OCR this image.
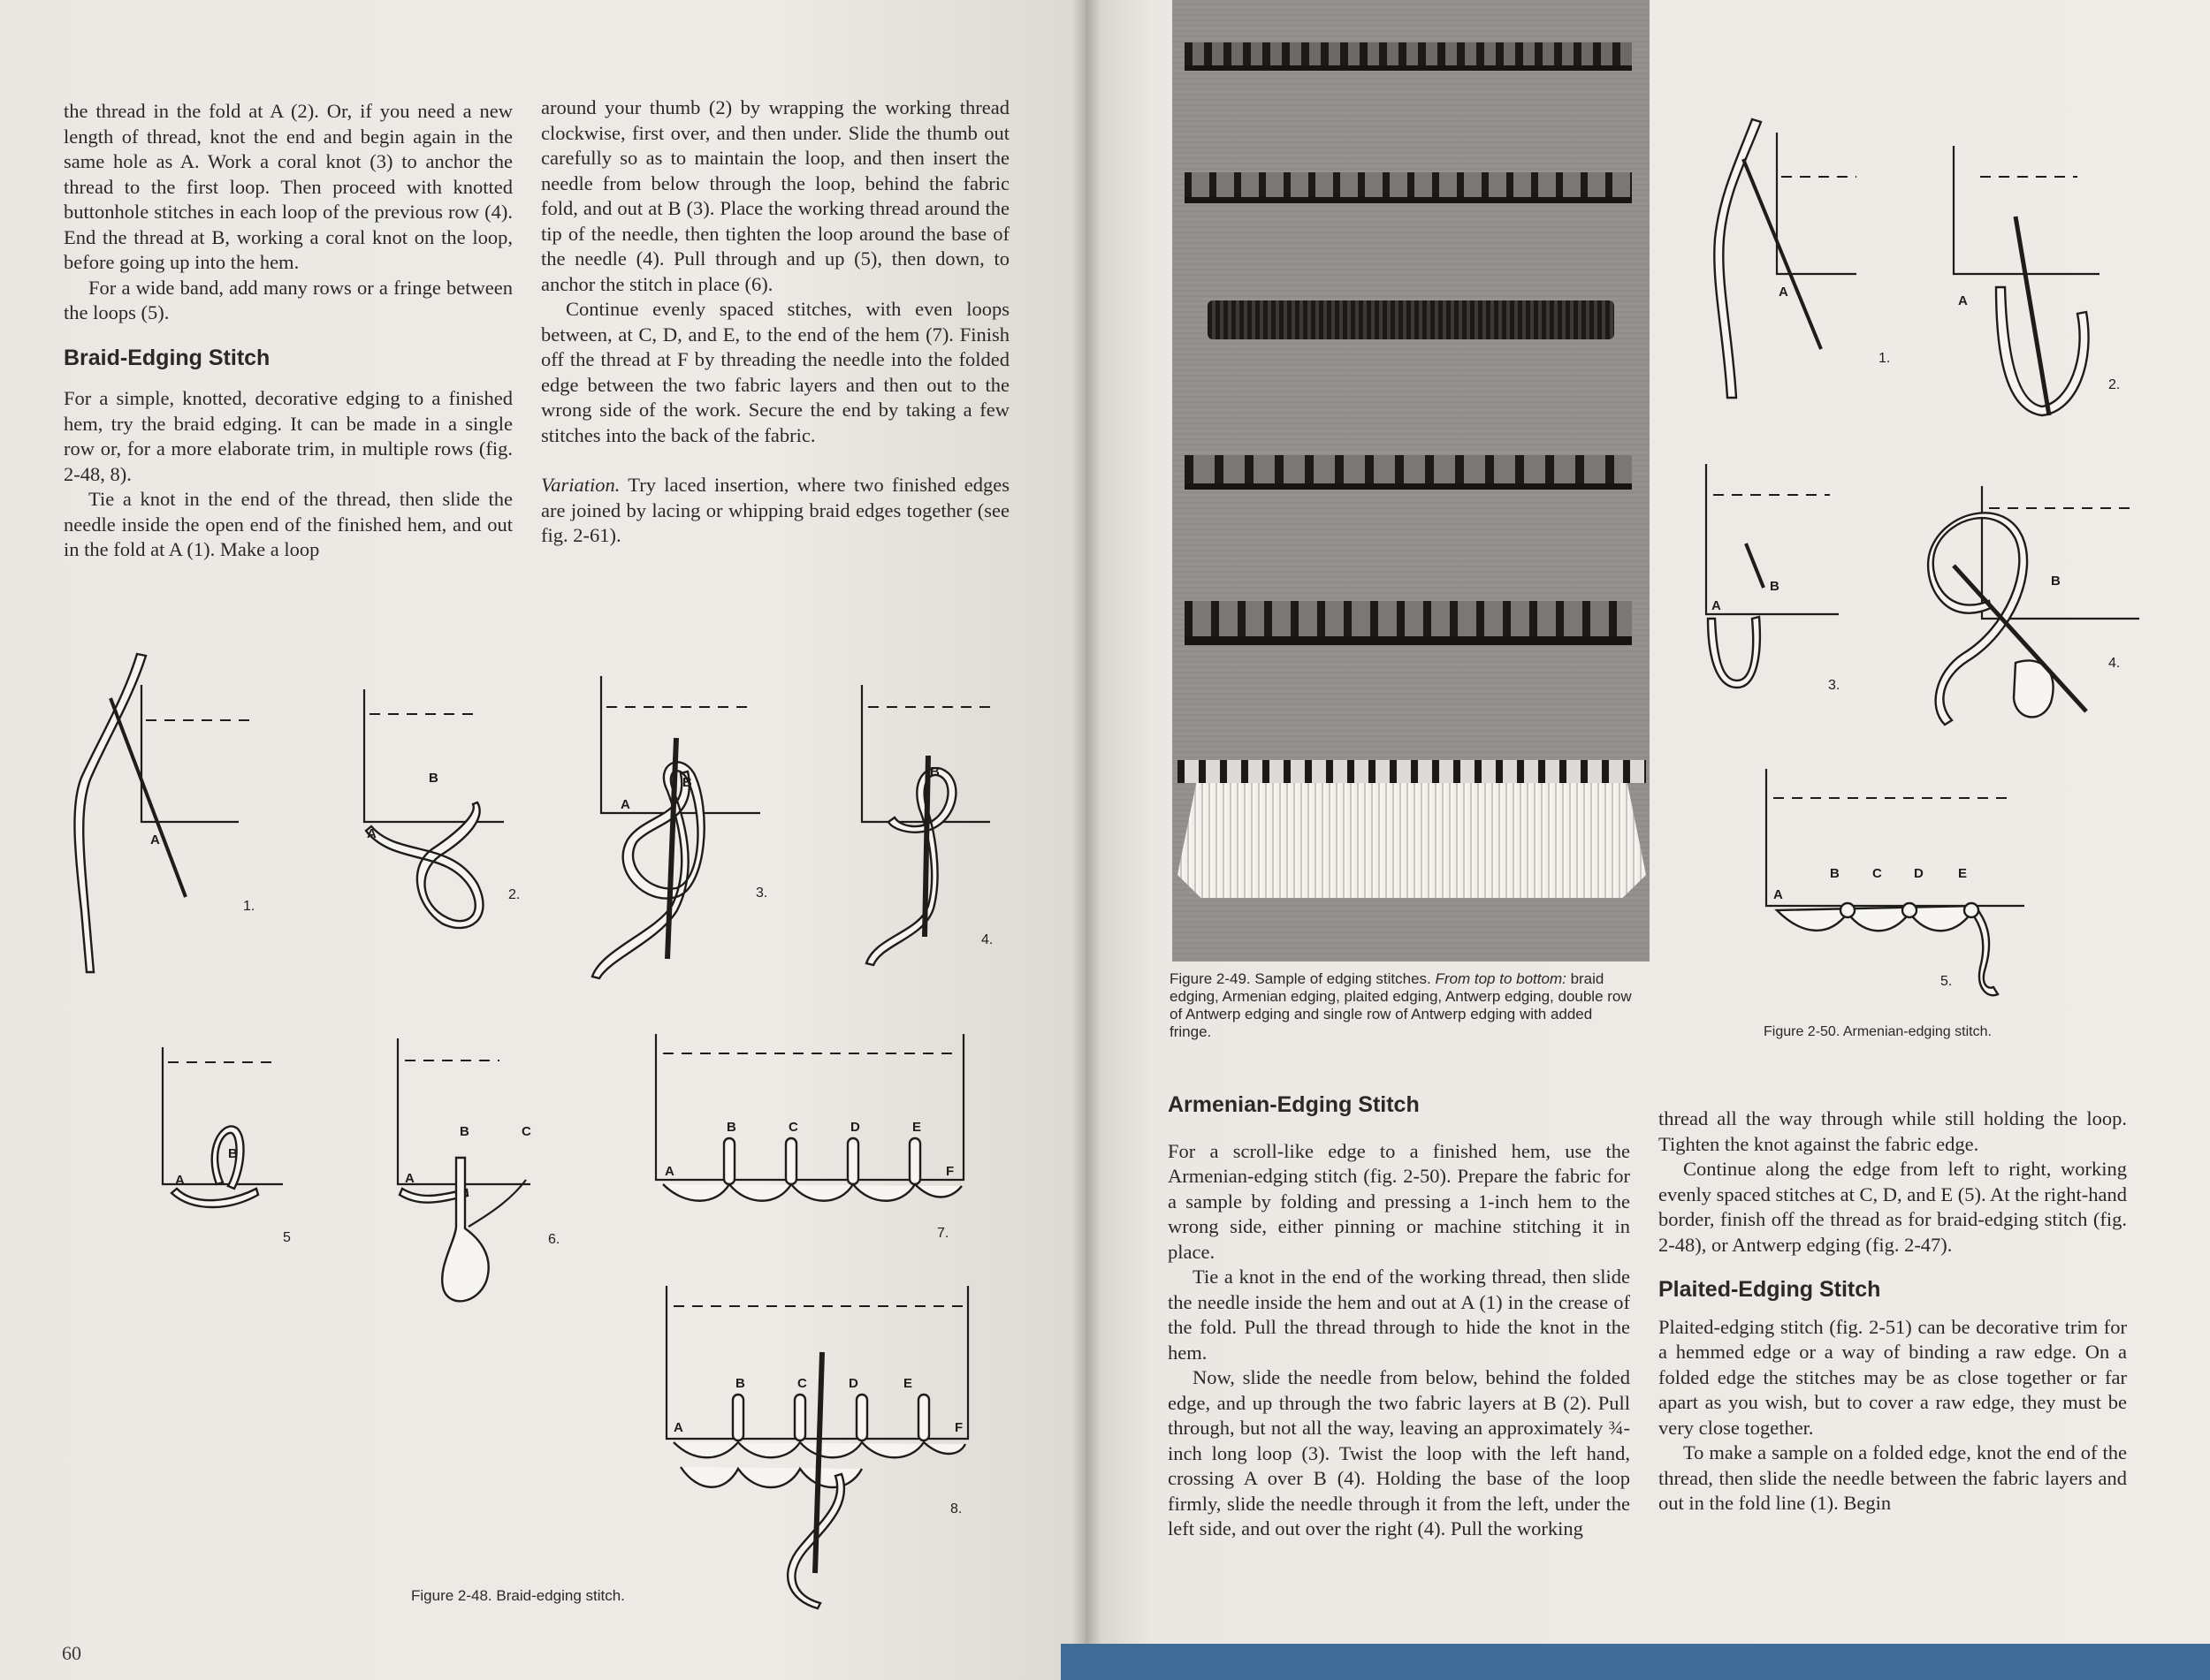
the thread in the fold at A (2). Or, if you need a new length of thread, knot the end and begin again in the same hole as A. Work a coral knot (3) to anchor the thread to the first loop. Then proceed with knotted buttonhole stitches in each loop of the previous row (4). End the thread at B, working a coral knot on the loop, before going up into the hem.

For a wide band, add many rows or a fringe between the loops (5).

Braid-Edging Stitch

For a simple, knotted, decorative edging to a finished hem, try the braid edging. It can be made in a single row or, for a more elaborate trim, in multiple rows (fig. 2-48, 8).

Tie a knot in the end of the thread, then slide the needle inside the open end of the finished hem, and out in the fold at A (1). Make a loop

around your thumb (2) by wrapping the working thread clockwise, first over, and then under. Slide the thumb out carefully so as to maintain the loop, and then insert the needle from below through the loop, behind the fabric fold, and out at B (3). Place the working thread around the tip of the needle, then tighten the loop around the base of the needle (4). Pull through and up (5), then down, to anchor the stitch in place (6).

Continue evenly spaced stitches, with even loops between, at C, D, and E, to the end of the hem (7). Finish off the thread at F by threading the needle into the folded edge between the two fabric layers and then out to the wrong side of the work. Secure the end by taking a few stitches into the back of the fabric.

Variation. Try laced insertion, where two finished edges are joined by lacing or whipping braid edges together (see fig. 2-61).

A
1.
B
A
2.
B
A
3.
B
4.
B
A
5
B	C
A
6.
B	C	D	E
A	F
7.
B	C	D	E
A	F
8.
Figure 2-48. Braid-edging stitch.
60
Figure 2-49. Sample of edging stitches. From top to bottom: braid edging, Armenian edging, plaited edging, Antwerp edging, double row of Antwerp edging and single row of Antwerp edging with added fringe.
A
1.
A
2.
B
A
3.
B
4.
B C D	E
A
5.
Figure 2-50. Armenian-edging stitch.
Armenian-Edging Stitch

For a scroll-like edge to a finished hem, use the Armenian-edging stitch (fig. 2-50). Prepare the fabric for a sample by folding and pressing a 1-inch hem to the wrong side, either pinning or machine stitching it in place.

Tie a knot in the end of the working thread, then slide the needle inside the hem and out at A (1) in the crease of the fold. Pull the thread through to hide the knot in the hem.

Now, slide the needle from below, behind the folded edge, and up through the two fabric layers at B (2). Pull through, but not all the way, leaving an approximately ¾-inch long loop (3). Twist the loop with the left hand, crossing A over B (4). Holding the base of the loop firmly, slide the needle through it from the left, under the left side, and out over the right (4). Pull the working

thread all the way through while still holding the loop. Tighten the knot against the fabric edge.

Continue along the edge from left to right, working evenly spaced stitches at C, D, and E (5). At the right-hand border, finish off the thread as for braid-edging stitch (fig. 2-48), or Antwerp edging (fig. 2-47).

Plaited-Edging Stitch

Plaited-edging stitch (fig. 2-51) can be decorative trim for a hemmed edge or a way of binding a raw edge. On a folded edge the stitches may be as close together or far apart as you wish, but to cover a raw edge, they must be very close together.

To make a sample on a folded edge, knot the end of the thread, then slide the needle between the fabric layers and out in the fold line (1). Begin
